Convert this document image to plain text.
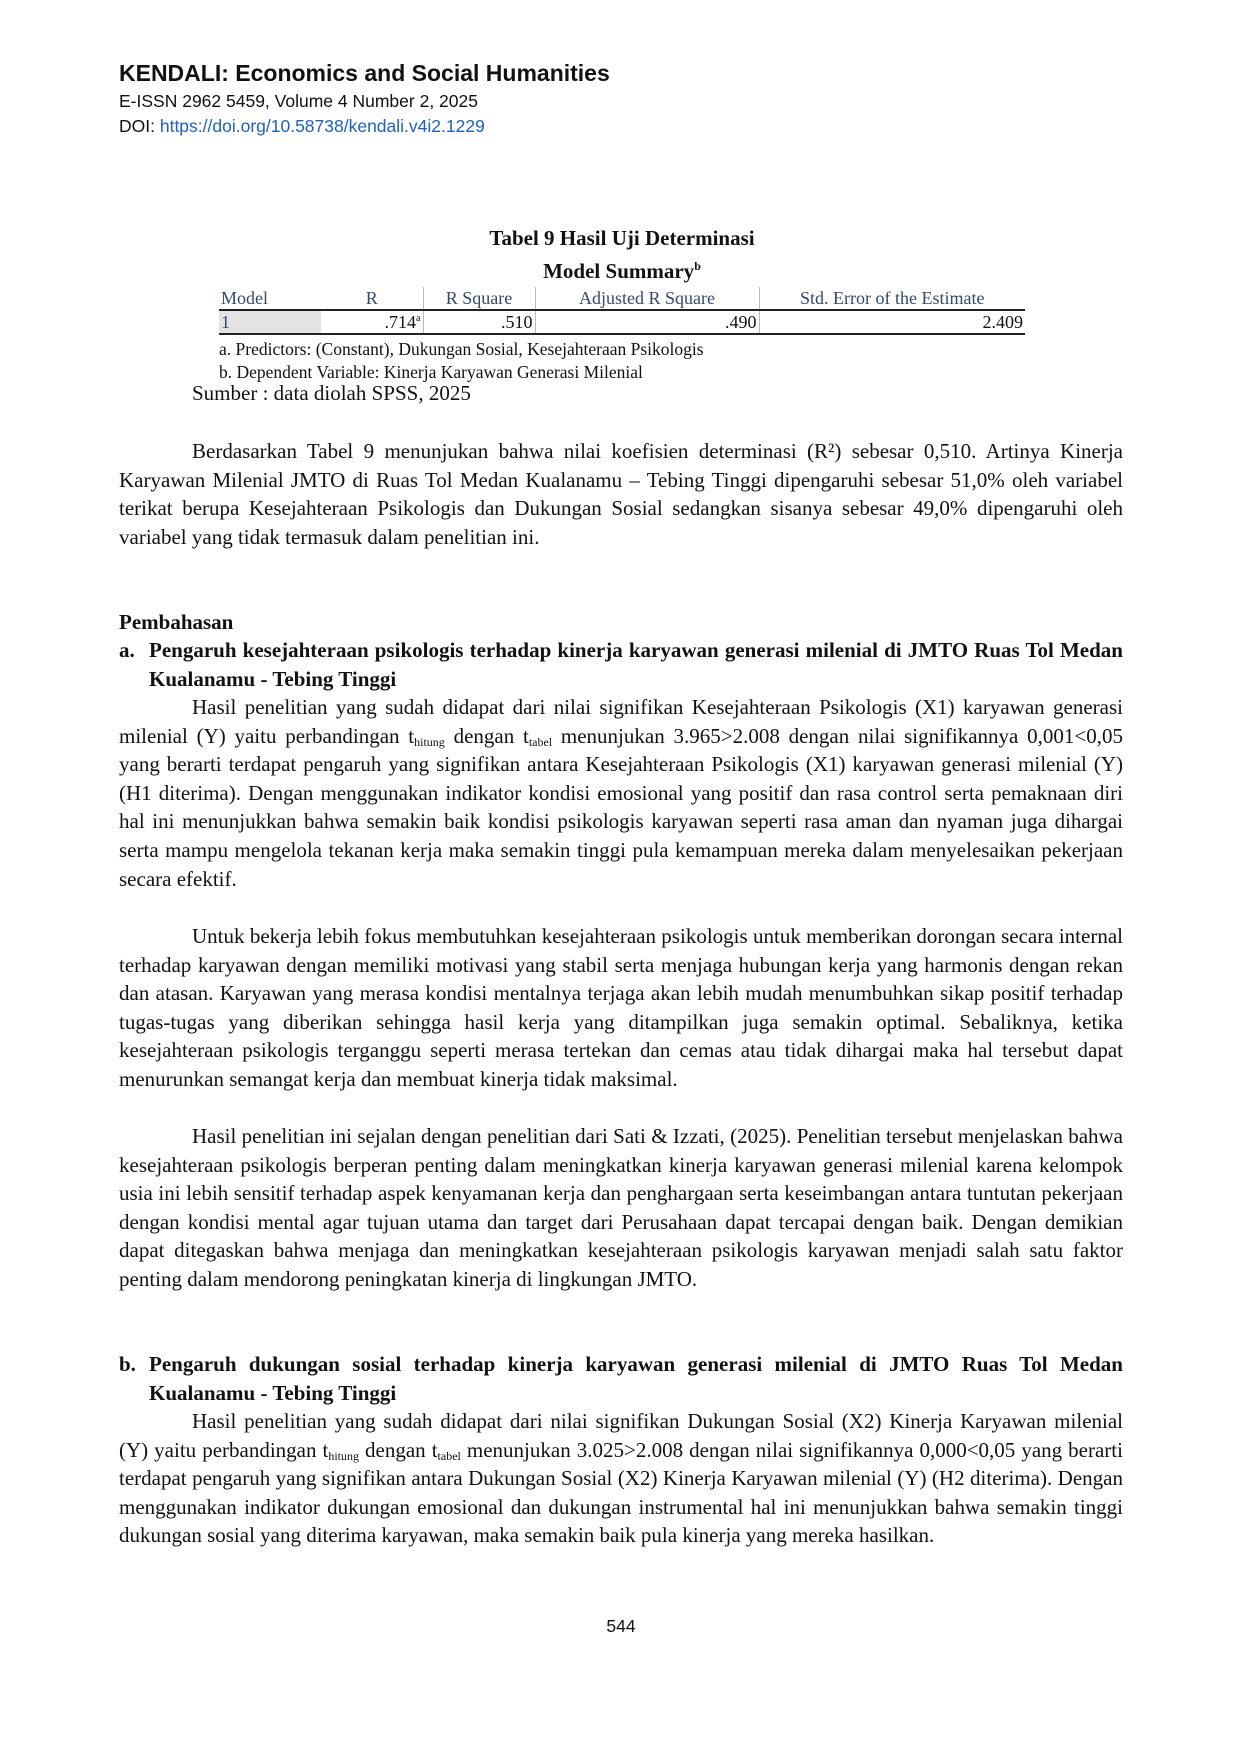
KENDALI: Economics and Social Humanities
E-ISSN 2962 5459, Volume 4 Number 2, 2025
DOI: https://doi.org/10.58738/kendali.v4i2.1229
Tabel 9 Hasil Uji Determinasi
Model Summary$^b$
Model	R	R Square	Adjusted R Square	Std. Error of the Estimate
1	.714$^a$	.510	.490	2.409
a. Predictors: (Constant), Dukungan Sosial, Kesejahteraan Psikologis
b. Dependent Variable: Kinerja Karyawan Generasi Milenial
Sumber : data diolah SPSS, 2025

Berdasarkan Tabel 9 menunjukan bahwa nilai koefisien determinasi (R²) sebesar 0,510. Artinya Kinerja Karyawan Milenial JMTO di Ruas Tol Medan Kualanamu – Tebing Tinggi dipengaruhi sebesar 51,0% oleh variabel terikat berupa Kesejahteraan Psikologis dan Dukungan Sosial sedangkan sisanya sebesar 49,0% dipengaruhi oleh variabel yang tidak termasuk dalam penelitian ini.

Pembahasan
a. Pengaruh kesejahteraan psikologis terhadap kinerja karyawan generasi milenial di JMTO Ruas Tol Medan Kualanamu - Tebing Tinggi

Hasil penelitian yang sudah didapat dari nilai signifikan Kesejahteraan Psikologis (X1) karyawan generasi milenial (Y) yaitu perbandingan $t_{hitung}$ dengan $t_{tabel}$ menunjukan 3.965>2.008 dengan nilai signifikannya 0,001<0,05 yang berarti terdapat pengaruh yang signifikan antara Kesejahteraan Psikologis (X1) karyawan generasi milenial (Y) (H1 diterima). Dengan menggunakan indikator kondisi emosional yang positif dan rasa control serta pemaknaan diri hal ini menunjukkan bahwa semakin baik kondisi psikologis karyawan seperti rasa aman dan nyaman juga dihargai serta mampu mengelola tekanan kerja maka semakin tinggi pula kemampuan mereka dalam menyelesaikan pekerjaan secara efektif.

Untuk bekerja lebih fokus membutuhkan kesejahteraan psikologis untuk memberikan dorongan secara internal terhadap karyawan dengan memiliki motivasi yang stabil serta menjaga hubungan kerja yang harmonis dengan rekan dan atasan. Karyawan yang merasa kondisi mentalnya terjaga akan lebih mudah menumbuhkan sikap positif terhadap tugas-tugas yang diberikan sehingga hasil kerja yang ditampilkan juga semakin optimal. Sebaliknya, ketika kesejahteraan psikologis terganggu seperti merasa tertekan dan cemas atau tidak dihargai maka hal tersebut dapat menurunkan semangat kerja dan membuat kinerja tidak maksimal.

Hasil penelitian ini sejalan dengan penelitian dari Sati & Izzati, (2025). Penelitian tersebut menjelaskan bahwa kesejahteraan psikologis berperan penting dalam meningkatkan kinerja karyawan generasi milenial karena kelompok usia ini lebih sensitif terhadap aspek kenyamanan kerja dan penghargaan serta keseimbangan antara tuntutan pekerjaan dengan kondisi mental agar tujuan utama dan target dari Perusahaan dapat tercapai dengan baik. Dengan demikian dapat ditegaskan bahwa menjaga dan meningkatkan kesejahteraan psikologis karyawan menjadi salah satu faktor penting dalam mendorong peningkatan kinerja di lingkungan JMTO.

b. Pengaruh dukungan sosial terhadap kinerja karyawan generasi milenial di JMTO Ruas Tol Medan Kualanamu - Tebing Tinggi

Hasil penelitian yang sudah didapat dari nilai signifikan Dukungan Sosial (X2) Kinerja Karyawan milenial (Y) yaitu perbandingan $t_{hitung}$ dengan $t_{tabel}$ menunjukan 3.025>2.008 dengan nilai signifikannya 0,000<0,05 yang berarti terdapat pengaruh yang signifikan antara Dukungan Sosial (X2) Kinerja Karyawan milenial (Y) (H2 diterima). Dengan menggunakan indikator dukungan emosional dan dukungan instrumental hal ini menunjukkan bahwa semakin tinggi dukungan sosial yang diterima karyawan, maka semakin baik pula kinerja yang mereka hasilkan.

544
